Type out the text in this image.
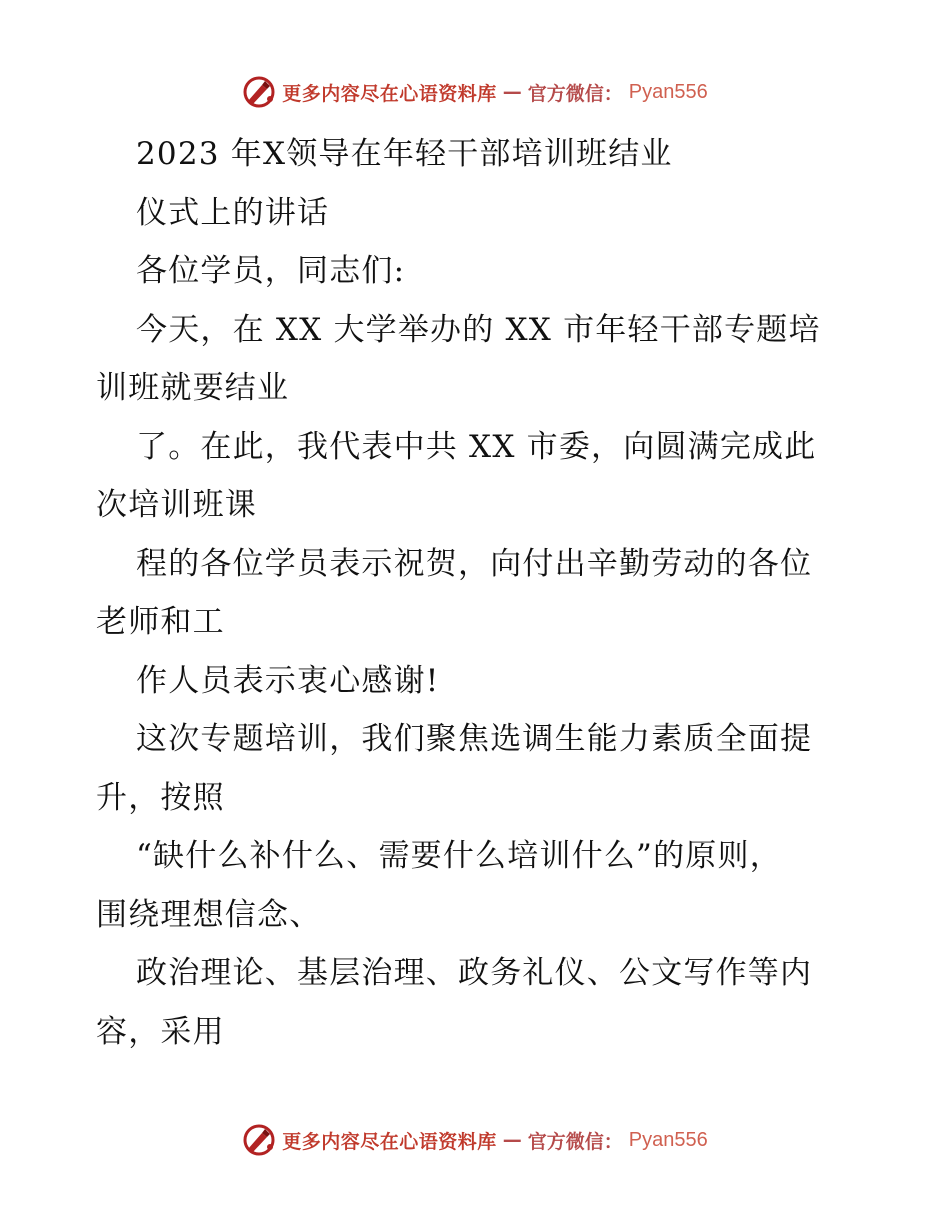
更多内容尽在心语资料库 — 官方微信： Pyan556
2023 年X领导在年轻干部培训班结业
仪式上的讲话
各位学员，同志们:
今天，在 XX 大学举办的 XX 市年轻干部专题培
训班就要结业
了。在此，我代表中共 XX 市委，向圆满完成此
次培训班课
程的各位学员表示祝贺，向付出辛勤劳动的各位
老师和工
作人员表示衷心感谢!
这次专题培训，我们聚焦选调生能力素质全面提
升，按照
“缺什么补什么、需要什么培训什么”的原则，
围绕理想信念、
政治理论、基层治理、政务礼仪、公文写作等内
容，采用
更多内容尽在心语资料库 — 官方微信： Pyan556
